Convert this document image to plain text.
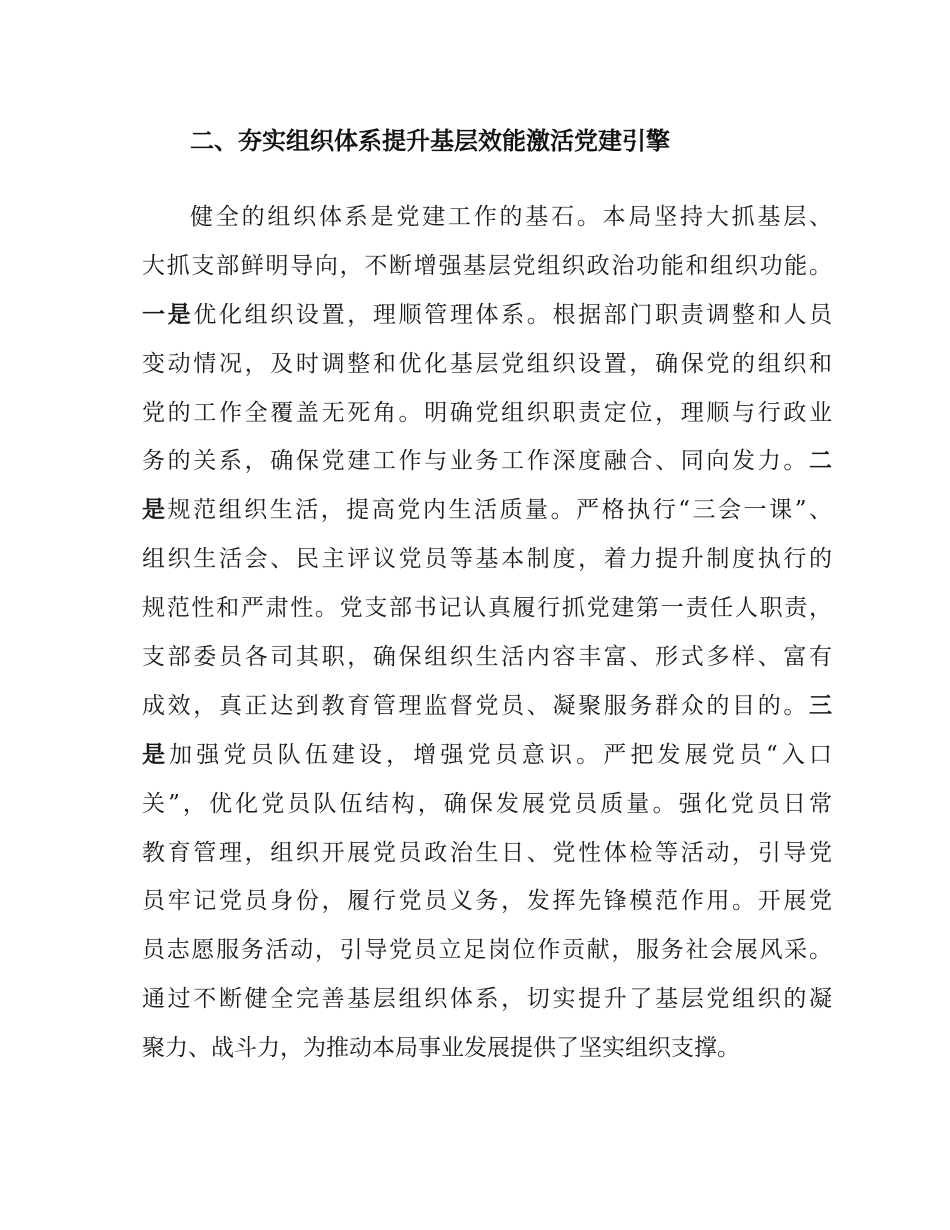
二、夯实组织体系提升基层效能激活党建引擎
健全的组织体系是党建工作的基石。本局坚持大抓基层、
大抓支部鲜明导向，不断增强基层党组织政治功能和组织功能。
一是优化组织设置，理顺管理体系。根据部门职责调整和人员
变动情况，及时调整和优化基层党组织设置，确保党的组织和
党的工作全覆盖无死角。明确党组织职责定位，理顺与行政业
务的关系，确保党建工作与业务工作深度融合、同向发力。二
是规范组织生活，提高党内生活质量。严格执行“三会一课”、
组织生活会、民主评议党员等基本制度，着力提升制度执行的
规范性和严肃性。党支部书记认真履行抓党建第一责任人职责，
支部委员各司其职，确保组织生活内容丰富、形式多样、富有
成效，真正达到教育管理监督党员、凝聚服务群众的目的。三
是加强党员队伍建设，增强党员意识。严把发展党员“入口
关”，优化党员队伍结构，确保发展党员质量。强化党员日常
教育管理，组织开展党员政治生日、党性体检等活动，引导党
员牢记党员身份，履行党员义务，发挥先锋模范作用。开展党
员志愿服务活动，引导党员立足岗位作贡献，服务社会展风采。
通过不断健全完善基层组织体系，切实提升了基层党组织的凝
聚力、战斗力，为推动本局事业发展提供了坚实组织支撑。
